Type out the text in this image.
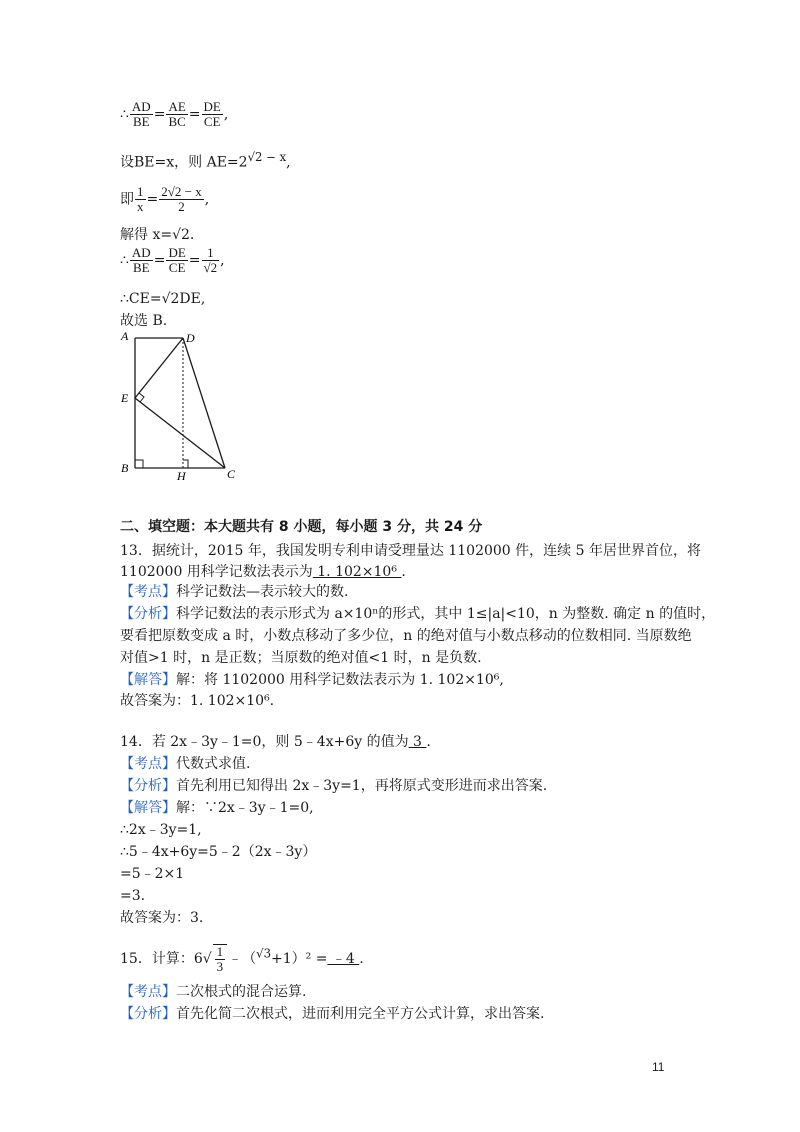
∴ $\frac{AD}{BE} = \frac{AE}{BC} = \frac{DE}{CE}$ ,
设BE=x，则 $AE=2^{√2 - x}$,
即 $\frac{1}{x} = \frac{2√2 - x}{2}$ ,
解得 x=√2.
∴ $\frac{AD}{BE} = \frac{DE}{CE} = \frac{1}{√2}$ ,
∴CE=√2DE,
故选 B.
A	D
E
B
H	C
二、填空题：本大题共有 8 小题，每小题 3 分，共 24 分
13．据统计，2015 年，我国发明专利申请受理量达 1102000 件，连续 5 年居世界首位，将
1102000 用科学记数法表示为 1. 102×10⁶ .
【考点】科学记数法—表示较大的数.
【分析】科学记数法的表示形式为 a×10ⁿ的形式，其中 1≤|a|<10，n 为整数. 确定 n 的值时，
要看把原数变成 a 时，小数点移动了多少位，n 的绝对值与小数点移动的位数相同. 当原数绝
对值>1 时，n 是正数；当原数的绝对值<1 时，n 是负数.
【解答】解：将 1102000 用科学记数法表示为 1. 102×10⁶,
故答案为：1. 102×10⁶.
14．若 2x﹣3y﹣1=0，则 5﹣4x+6y 的值为 3 .
【考点】代数式求值.
【分析】首先利用已知得出 2x﹣3y=1，再将原式变形进而求出答案.
【解答】解：∵2x﹣3y﹣1=0,
∴2x﹣3y=1,
∴5﹣4x+6y=5﹣2（2x﹣3y）
=5﹣2×1
=3.
故答案为：3.
15．计算：$6√ \frac{1}{3}$ ﹣（$^{√3}$+1）² = ﹣4 .
【考点】二次根式的混合运算.
【分析】首先化简二次根式，进而利用完全平方公式计算，求出答案.
11
